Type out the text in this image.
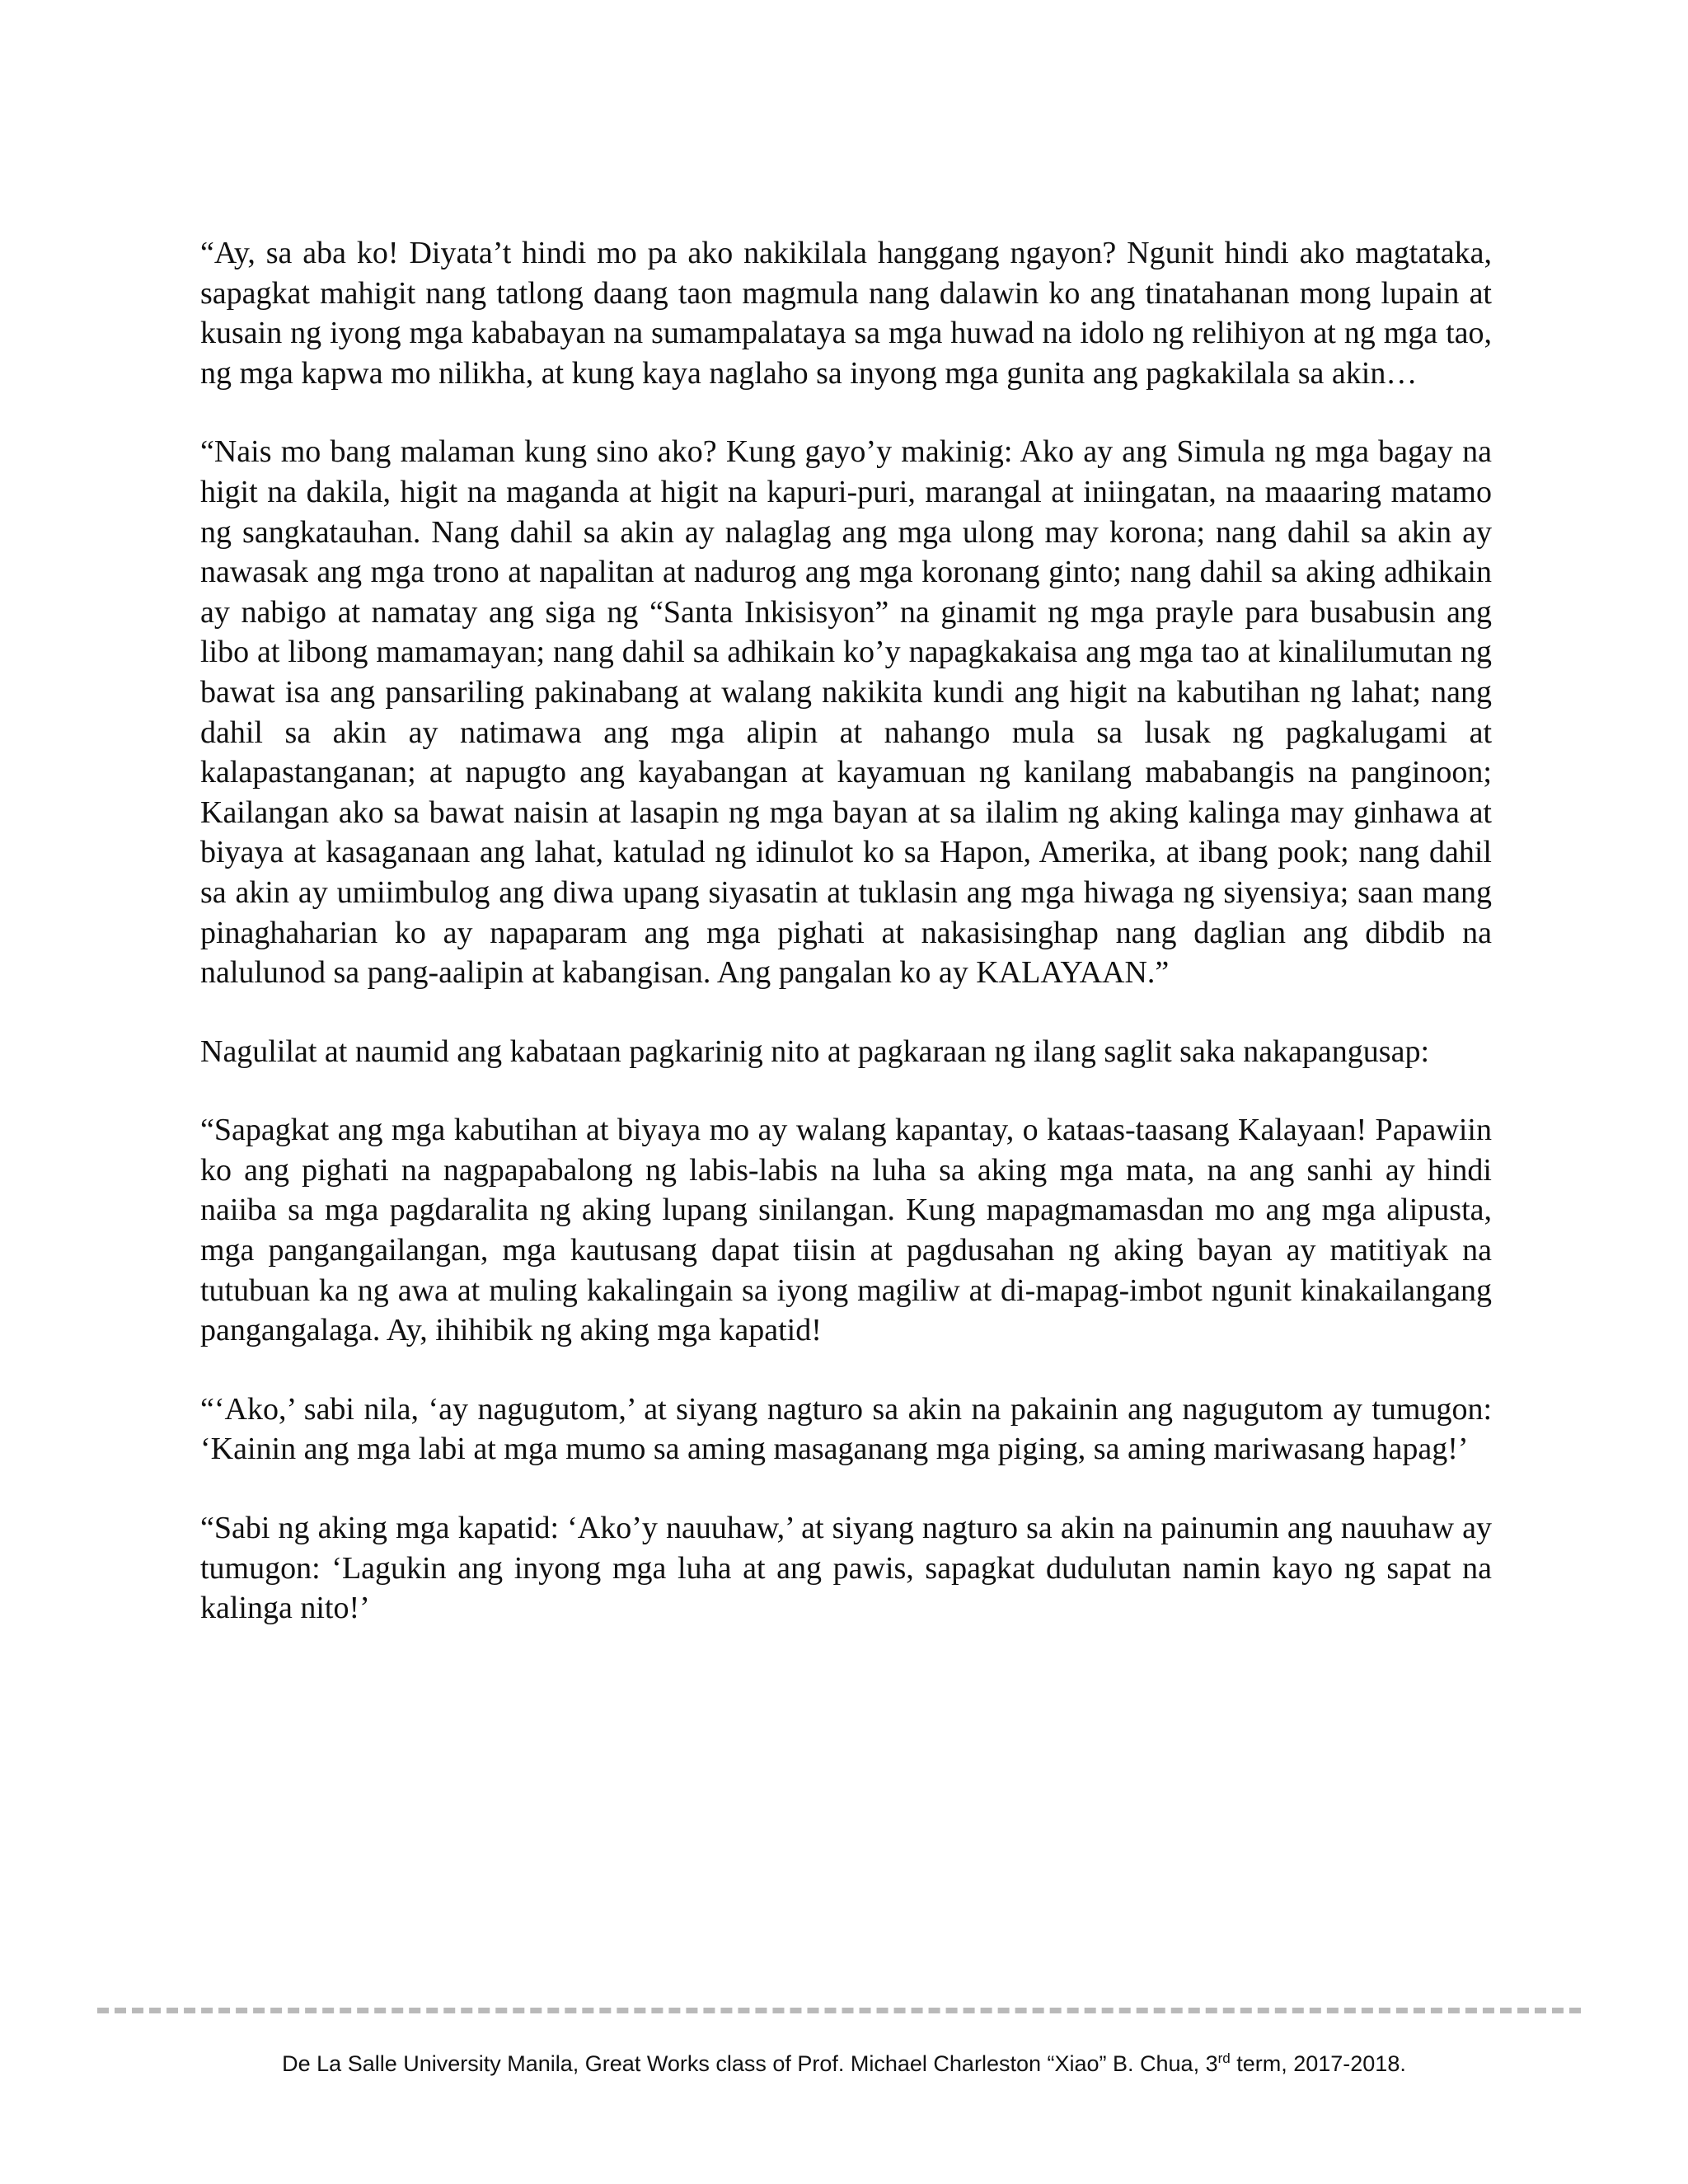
“Ay, sa aba ko! Diyata’t hindi mo pa ako nakikilala hanggang ngayon? Ngunit hindi ako magtataka, sapagkat mahigit nang tatlong daang taon magmula nang dalawin ko ang tinatahanan mong lupain at kusain ng iyong mga kababayan na sumampalataya sa mga huwad na idolo ng relihiyon at ng mga tao, ng mga kapwa mo nilikha, at kung kaya naglaho sa inyong mga gunita ang pagkakilala sa akin…

“Nais mo bang malaman kung sino ako? Kung gayo’y makinig: Ako ay ang Simula ng mga bagay na higit na dakila, higit na maganda at higit na kapuri-puri, marangal at iniingatan, na maaaring matamo ng sangkatauhan. Nang dahil sa akin ay nalaglag ang mga ulong may korona; nang dahil sa akin ay nawasak ang mga trono at napalitan at nadurog ang mga koronang ginto; nang dahil sa aking adhikain ay nabigo at namatay ang siga ng “Santa Inkisisyon” na ginamit ng mga prayle para busabusin ang libo at libong mamamayan; nang dahil sa adhikain ko’y napagkakaisa ang mga tao at kinalilumutan ng bawat isa ang pansariling pakinabang at walang nakikita kundi ang higit na kabutihan ng lahat; nang dahil sa akin ay natimawa ang mga alipin at nahango mula sa lusak ng pagkalugami at kalapastanganan; at napugto ang kayabangan at kayamuan ng kanilang mababangis na panginoon; Kailangan ako sa bawat naisin at lasapin ng mga bayan at sa ilalim ng aking kalinga may ginhawa at biyaya at kasaganaan ang lahat, katulad ng idinulot ko sa Hapon, Amerika, at ibang pook; nang dahil sa akin ay umiimbulog ang diwa upang siyasatin at tuklasin ang mga hiwaga ng siyensiya; saan mang pinaghaharian ko ay napaparam ang mga pighati at nakasisinghap nang daglian ang dibdib na nalulunod sa pang-aalipin at kabangisan. Ang pangalan ko ay KALAYAAN.”

Nagulilat at naumid ang kabataan pagkarinig nito at pagkaraan ng ilang saglit saka nakapangusap:

“Sapagkat ang mga kabutihan at biyaya mo ay walang kapantay, o kataas-taasang Kalayaan! Papawiin ko ang pighati na nagpapabalong ng labis-labis na luha sa aking mga mata, na ang sanhi ay hindi naiiba sa mga pagdaralita ng aking lupang sinilangan. Kung mapagmamasdan mo ang mga alipusta, mga pangangailangan, mga kautusang dapat tiisin at pagdusahan ng aking bayan ay matitiyak na tutubuan ka ng awa at muling kakalingain sa iyong magiliw at di-mapag-imbot ngunit kinakailangang pangangalaga. Ay, ihihibik ng aking mga kapatid!

“‘Ako,’ sabi nila, ‘ay nagugutom,’ at siyang nagturo sa akin na pakainin ang nagugutom ay tumugon: ‘Kainin ang mga labi at mga mumo sa aming masaganang mga piging, sa aming mariwasang hapag!’

“Sabi ng aking mga kapatid: ‘Ako’y nauuhaw,’ at siyang nagturo sa akin na painumin ang nauuhaw ay tumugon: ‘Lagukin ang inyong mga luha at ang pawis, sapagkat dudulutan namin kayo ng sapat na kalinga nito!’

De La Salle University Manila, Great Works class of Prof. Michael Charleston “Xiao” B. Chua, 3rd term, 2017-2018.
